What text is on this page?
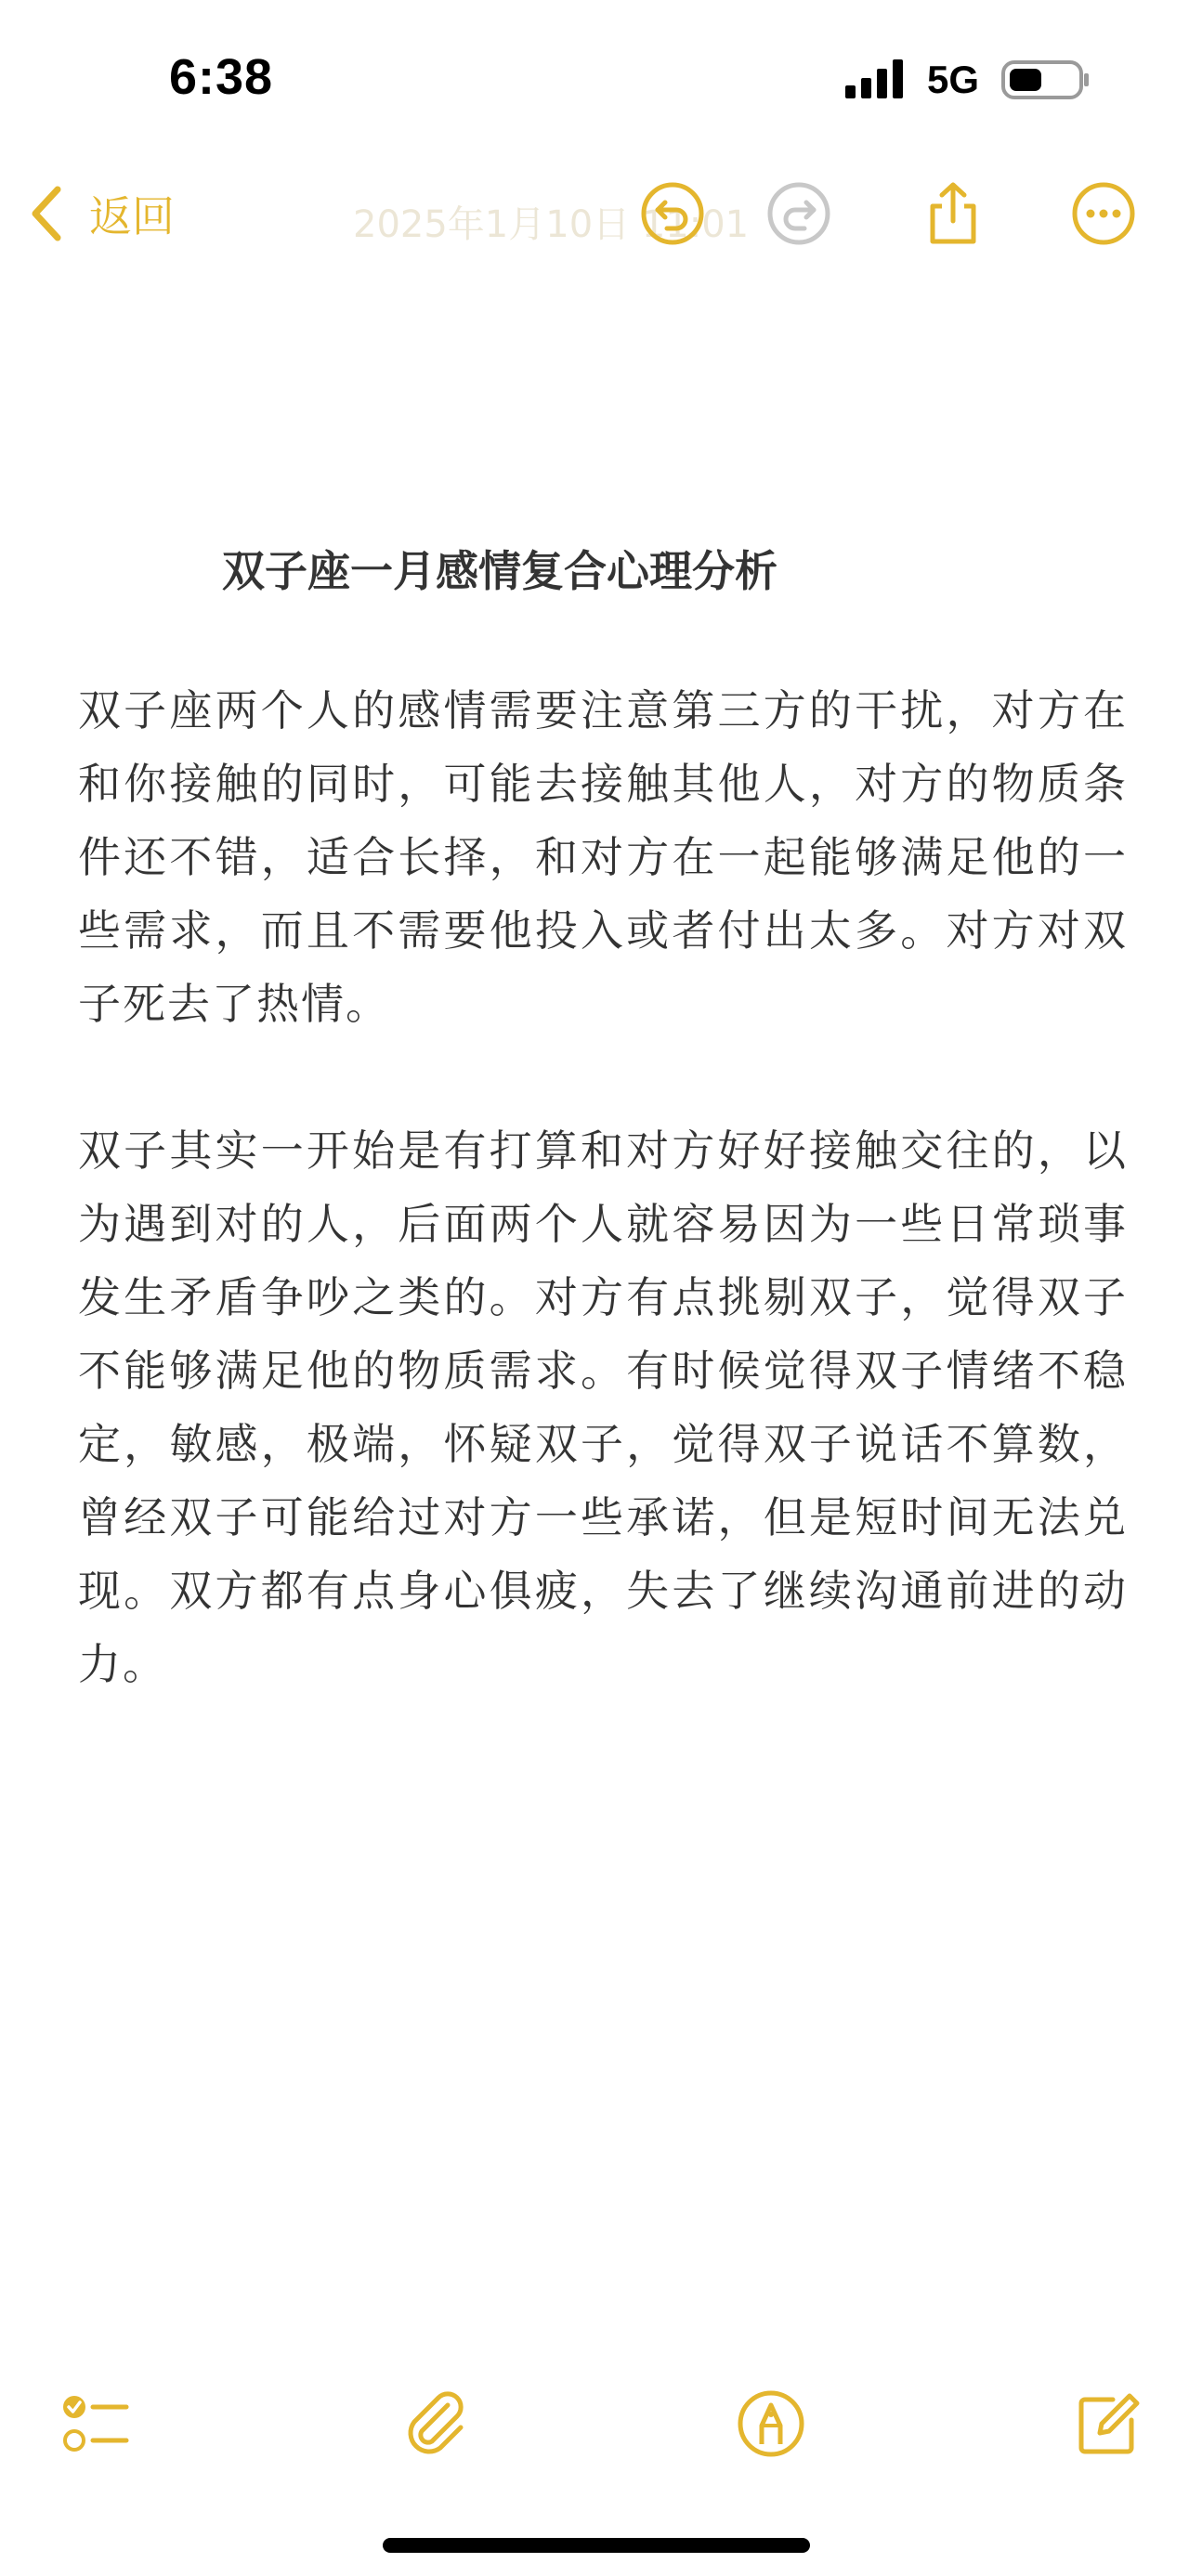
6:38	5G
返回	2025年1月10日 11:01
双子座一月感情复合心理分析

双子座两个人的感情需要注意第三方的干扰，对方在和你接触的同时，可能去接触其他人，对方的物质条件还不错，适合长择，和对方在一起能够满足他的一些需求，而且不需要他投入或者付出太多。对方对双子死去了热情。

双子其实一开始是有打算和对方好好接触交往的，以为遇到对的人，后面两个人就容易因为一些日常琐事发生矛盾争吵之类的。对方有点挑剔双子，觉得双子不能够满足他的物质需求。有时候觉得双子情绪不稳定，敏感，极端，怀疑双子，觉得双子说话不算数，曾经双子可能给过对方一些承诺，但是短时间无法兑现。双方都有点身心俱疲，失去了继续沟通前进的动力。
